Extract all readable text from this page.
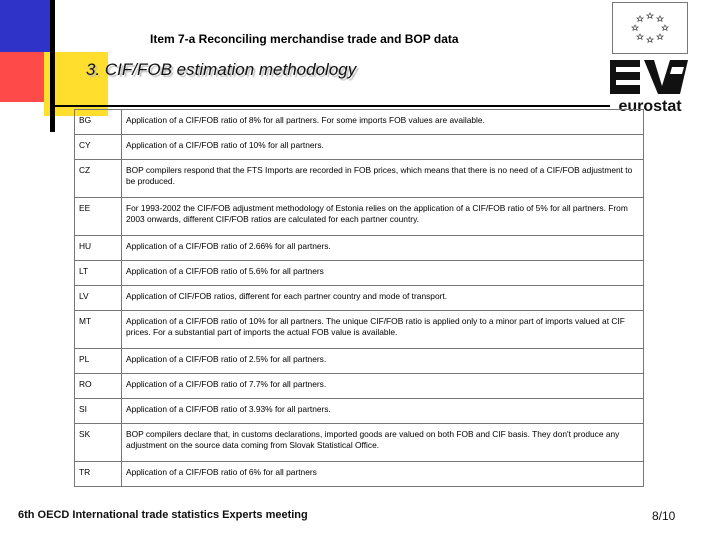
Item 7-a Reconciling merchandise trade and BOP data
3. CIF/FOB estimation methodology
eurostat
BG	Application of a CIF/FOB ratio of 8% for all partners. For some imports FOB values are available.
CY	Application of a CIF/FOB ratio of 10% for all partners.
CZ	BOP compilers respond that the FTS Imports are recorded in FOB prices, which means that there is no need of a CIF/FOB adjustment to be produced.
EE	For 1993-2002 the CIF/FOB adjustment methodology of Estonia relies on the application of a CIF/FOB ratio of 5% for all partners. From 2003 onwards, different CIF/FOB ratios are calculated for each partner country.
HU	Application of a CIF/FOB ratio of 2.66% for all partners.
LT	Application of a CIF/FOB ratio of 5.6% for all partners
LV	Application of CIF/FOB ratios, different for each partner country and mode of transport.
MT	Application of a CIF/FOB ratio of 10% for all partners. The unique CIF/FOB ratio is applied only to a minor part of imports valued at CIF prices. For a substantial part of imports the actual FOB value is available.
PL	Application of a CIF/FOB ratio of 2.5% for all partners.
RO	Application of a CIF/FOB ratio of 7.7% for all partners.
SI	Application of a CIF/FOB ratio of 3.93% for all partners.
SK	BOP compilers declare that, in customs declarations, imported goods are valued on both FOB and CIF basis. They don't produce any adjustment on the source data coming from Slovak Statistical Office.
TR	Application of a CIF/FOB ratio of 6% for all partners
6th OECD International trade statistics Experts meeting	8/10
